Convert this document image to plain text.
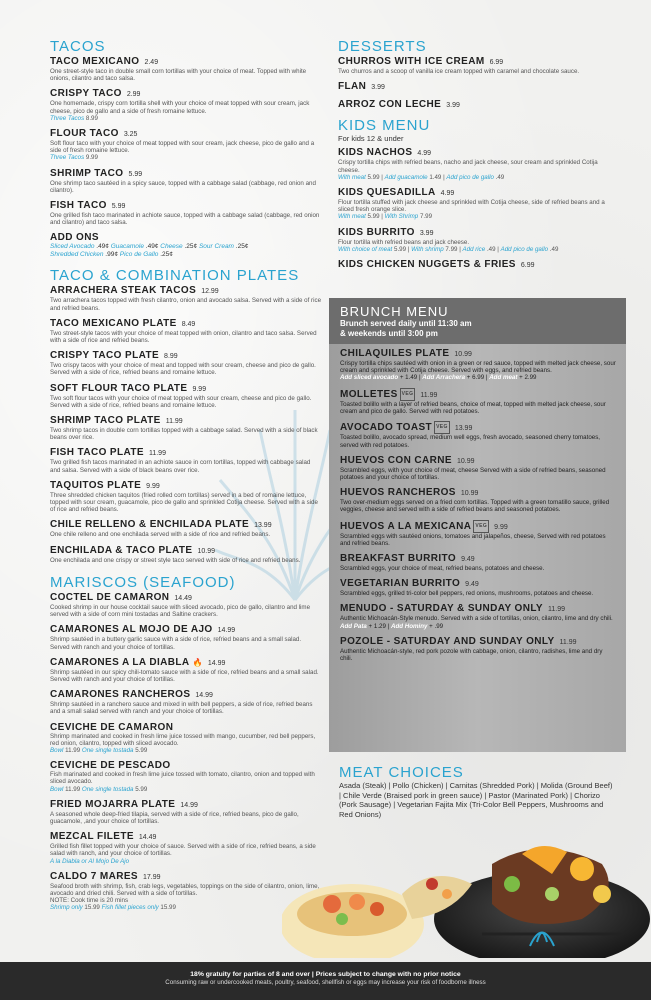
TACOS
TACO MEXICANO 2.49
One street-style taco in double small corn tortillas with your choice of meat. Topped with white onions, cilantro and taco salsa.
CRISPY TACO 2.99
One homemade, crispy corn tortilla shell with your choice of meat topped with sour cream, jack cheese, pico de gallo and a side of fresh romaine lettuce.
Three Tacos 8.99
FLOUR TACO 3.25
Soft flour taco with your choice of meat topped with sour cream, jack cheese, pico de gallo and a side of fresh romaine lettuce.
Three Tacos 9.99
SHRIMP TACO 5.99
One shrimp taco sautéed in a spicy sauce, topped with a cabbage salad (cabbage, red onion and cilantro).
FISH TACO 5.99
One grilled fish taco marinated in achiote sauce, topped with a cabbage salad (cabbage, red onion and cilantro) and taco salsa.
ADD ONS
Sliced Avocado .49¢ Guacamole .49¢ Cheese .25¢ Sour Cream .25¢
Shredded Chicken .99¢ Pico de Gallo .25¢
TACO & COMBINATION PLATES
ARRACHERA STEAK TACOS 12.99
Two arrachera tacos topped with fresh cilantro, onion and avocado salsa. Served with a side of rice and refried beans.
TACO MEXICANO PLATE 8.49
Two street-style tacos with your choice of meat topped with onion, cilantro and taco salsa. Served with a side of rice and refried beans.
CRISPY TACO PLATE 8.99
Two crispy tacos with your choice of meat and topped with sour cream, cheese and pico de gallo. Served with a side of rice, refried beans and romaine lettuce.
SOFT FLOUR TACO PLATE 9.99
Two soft flour tacos with your choice of meat topped with sour cream, cheese and pico de gallo. Served with a side of rice, refried beans and romaine lettuce.
SHRIMP TACO PLATE 11.99
Two shrimp tacos in double corn tortillas topped with a cabbage salad. Served with a side of black beans over rice.
FISH TACO PLATE 11.99
Two grilled fish tacos marinated in an achiote sauce in corn tortillas, topped with cabbage salad and salsa. Served with a side of black beans over rice.
TAQUITOS PLATE 9.99
Three shredded chicken taquitos (fried rolled corn tortillas) served in a bed of romaine lettuce, topped with sour cream, guacamole, pico de gallo and sprinkled Cotija cheese. Served with a side of rice and refried beans.
CHILE RELLENO & ENCHILADA PLATE 13.99
One chile relleno and one enchilada served with a side of rice and refried beans.
ENCHILADA & TACO PLATE 10.99
One enchilada and one crispy or street style taco served with side of rice and refried beans.
MARISCOS (SEAFOOD)
COCTEL DE CAMARON 14.49
Cooked shrimp in our house cocktail sauce with sliced avocado, pico de gallo, cilantro and lime served with a side of corn mini tostadas and Saltine crackers.
CAMARONES AL MOJO DE AJO 14.99
Shrimp sautéed in a buttery garlic sauce with a side of rice, refried beans and a small salad. Served with ranch and your choice of tortillas.
CAMARONES A LA DIABLA 🔥 14.99
Shrimp sautéed in our spicy chili-tomato sauce with a side of rice, refried beans and a small salad. Served with ranch and your choice of tortillas.
CAMARONES RANCHEROS 14.99
Shrimp sautéed in a ranchero sauce and mixed in with bell peppers, a side of rice, refried beans and a small salad served with ranch and your choice of tortillas.
CEVICHE DE CAMARON
Shrimp marinated and cooked in fresh lime juice tossed with mango, cucumber, red bell peppers, red onion, cilantro, topped with sliced avocado.
Bowl 11.99 One single tostada 5.99
CEVICHE DE PESCADO
Fish marinated and cooked in fresh lime juice tossed with tomato, cilantro, onion and topped with sliced avocado.
Bowl 11.99 One single tostada 5.99
FRIED MOJARRA PLATE 14.99
A seasoned whole deep-fried tilapia, served with a side of rice, refried beans, pico de gallo, guacamole, ,and your choice of tortillas.
MEZCAL FILETE 14.49
Grilled fish fillet topped with your choice of sauce. Served with a side of rice, refried beans, a side salad with ranch, and your choice of tortillas.
A la Diabla or Al Mojo De Ajo
CALDO 7 MARES 17.99
Seafood broth with shrimp, fish, crab legs, vegetables, toppings on the side of cilantro, onion, lime, avocado and dried chili. Served with a side of tortillas.
NOTE: Cook time is 20 mins
Shrimp only 15.99 Fish fillet pieces only 15.99
DESSERTS
CHURROS WITH ICE CREAM 6.99
Two churros and a scoop of vanilla ice cream topped with caramel and chocolate sauce.
FLAN 3.99
ARROZ CON LECHE 3.99
KIDS MENU
For kids 12 & under
KIDS NACHOS 4.99
Crispy tortilla chips with refried beans, nacho and jack cheese, sour cream and sprinkled Cotija cheese.
With meat 5.99 | Add guacamole 1.49 | Add pico de gallo .49
KIDS QUESADILLA 4.99
Flour tortilla stuffed with jack cheese and sprinkled with Cotija cheese, side of refried beans and a sliced fresh orange slice.
With meat 5.99 | With Shrimp 7.99
KIDS BURRITO 3.99
Flour tortilla with refried beans and jack cheese.
With choice of meat 5.99 | With shrimp 7.99 | Add rice .49 | Add pico de gallo .49
KIDS CHICKEN NUGGETS & FRIES 6.99
BRUNCH MENU
Brunch served daily until 11:30 am
& weekends until 3:00 pm
CHILAQUILES PLATE 10.99
Crispy tortilla chips sautéed with onion in a green or red sauce, topped with melted jack cheese, sour cream and sprinkled with Cotija cheese. Served with eggs, and refried beans.
Add sliced avocado + 1.49 | Add Arrachera + 6.99 | Add meat + 2.99
MOLLETES VEG 11.99
Toasted bolillo with a layer of refried beans, choice of meat, topped with melted jack cheese, sour cream and pico de gallo. Served with red potatoes.
AVOCADO TOAST VEG 13.99
Toasted bolillo, avocado spread, medium well eggs, fresh avocado, seasoned cherry tomatoes, served with red potatoes.
HUEVOS CON CARNE 10.99
Scrambled eggs, with your choice of meat, cheese Served with a side of refried beans, seasoned potatoes and your choice of tortillas.
HUEVOS RANCHEROS 10.99
Two over-medium eggs served on a fried corn tortillas. Topped with a green tomatillo sauce, grilled veggies, cheese and served with a side of refried beans and seasoned potatoes.
HUEVOS A LA MEXICANA VEG 9.99
Scrambled eggs with sautéed onions, tomatoes and jalapeños, cheese, Served with red potatoes and refried beans.
BREAKFAST BURRITO 9.49
Scrambled eggs, your choice of meat, refried beans, potatoes and cheese.
VEGETARIAN BURRITO 9.49
Scrambled eggs, grilled tri-color bell peppers, red onions, mushrooms, potatoes and cheese.
MENUDO - SATURDAY & SUNDAY ONLY 11.99
Authentic Michoacán-Style menudo. Served with a side of tortillas, onion, cilantro, lime and dry chili.
Add Pata + 1.29 | Add Hominy + .99
POZOLE - SATURDAY AND SUNDAY ONLY 11.99
Authentic Michoacán-style, red pork pozole with cabbage, onion, cilantro, radishes, lime and dry chili.
MEAT CHOICES
Asada (Steak) | Pollo (Chicken) | Carnitas (Shredded Pork) | Molida (Ground Beef) | Chile Verde (Braised pork in green sauce) | Pastor (Marinated Pork) | Chorizo (Pork Sausage) | Vegetarian Fajita Mix (Tri-Color Bell Peppers, Mushrooms and Red Onions)
18% gratuity for parties of 8 and over | Prices subject to change with no prior notice
Consuming raw or undercooked meats, poultry, seafood, shellfish or eggs may increase your risk of foodborne illness
